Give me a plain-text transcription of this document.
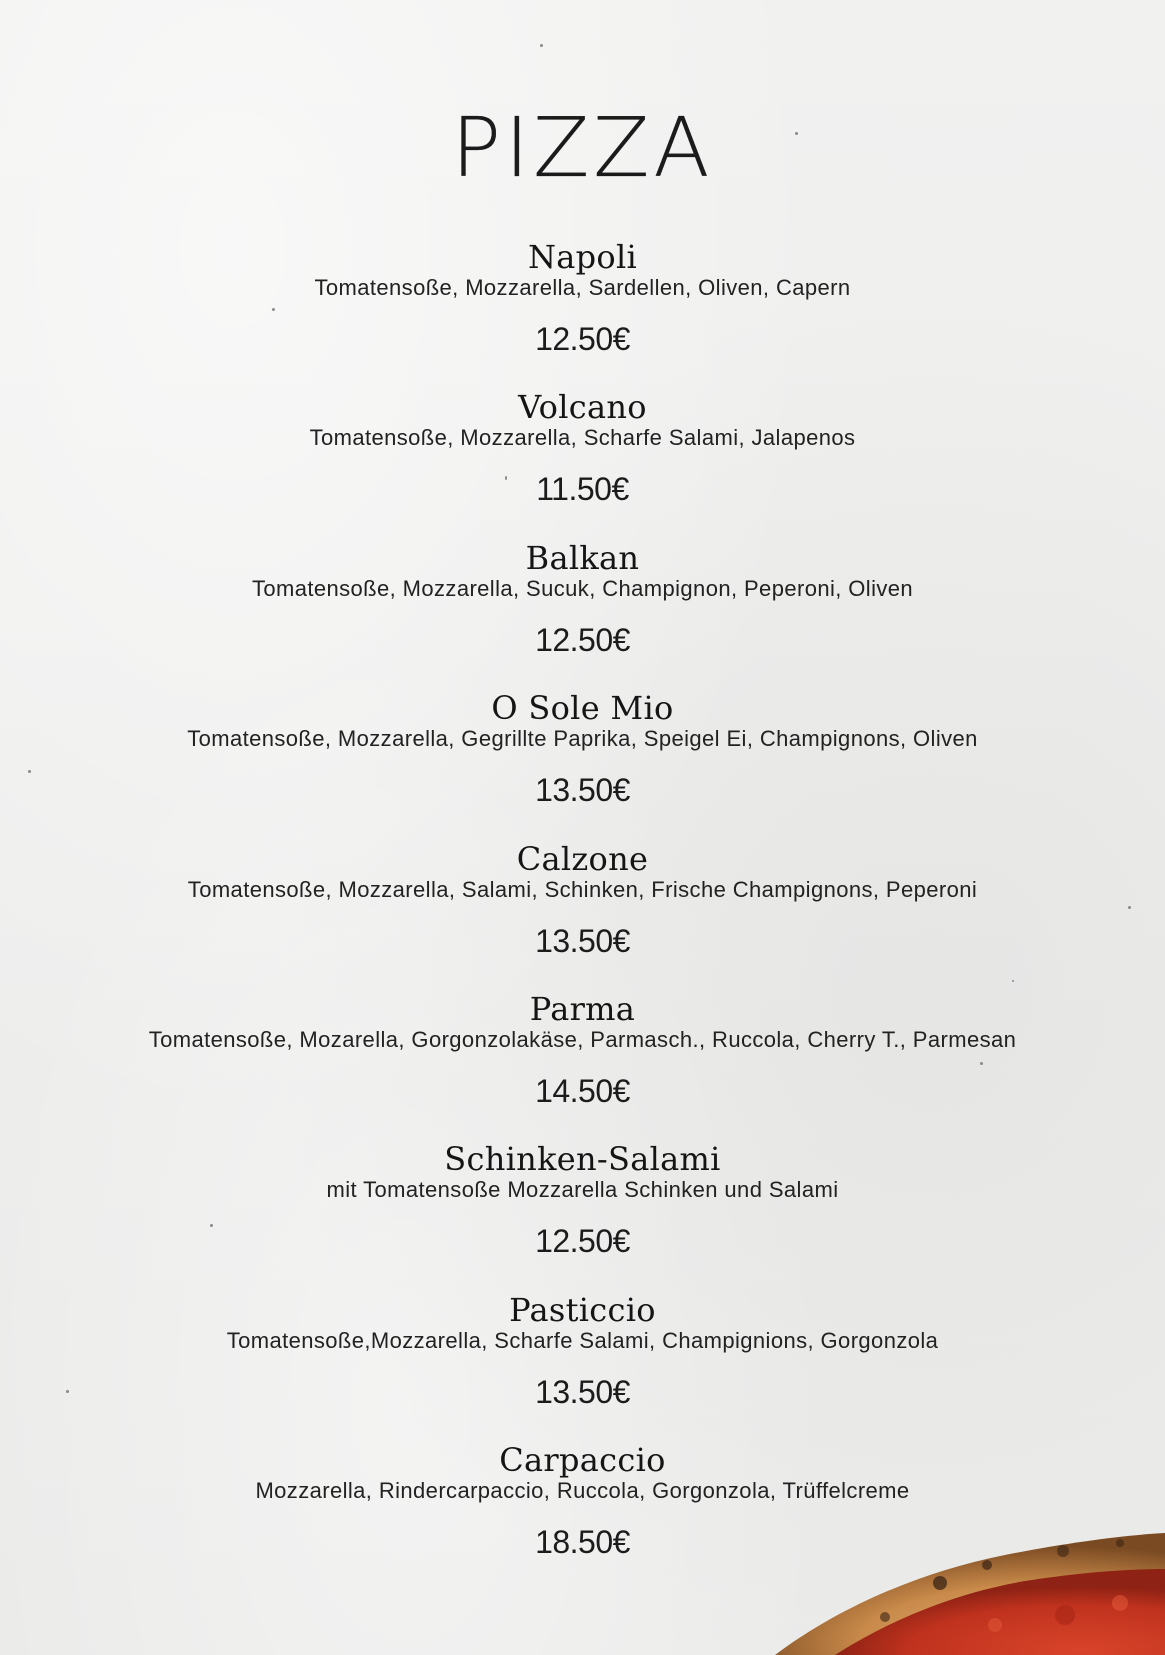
PIZZA
Napoli
Tomatensoße, Mozzarella, Sardellen, Oliven, Capern
12.50€
Volcano
Tomatensoße, Mozzarella, Scharfe Salami, Jalapenos
11.50€
Balkan
Tomatensoße, Mozzarella, Sucuk, Champignon, Peperoni, Oliven
12.50€
O Sole Mio
Tomatensoße, Mozzarella, Gegrillte Paprika, Speigel Ei, Champignons, Oliven
13.50€
Calzone
Tomatensoße, Mozzarella, Salami, Schinken, Frische Champignons, Peperoni
13.50€
Parma
Tomatensoße, Mozarella, Gorgonzolakäse, Parmasch., Ruccola, Cherry T., Parmesan
14.50€
Schinken-Salami
mit Tomatensoße Mozzarella Schinken und Salami
12.50€
Pasticcio
Tomatensoße,Mozzarella, Scharfe Salami, Champignions, Gorgonzola
13.50€
Carpaccio
Mozzarella, Rindercarpaccio, Ruccola, Gorgonzola, Trüffelcreme
18.50€
